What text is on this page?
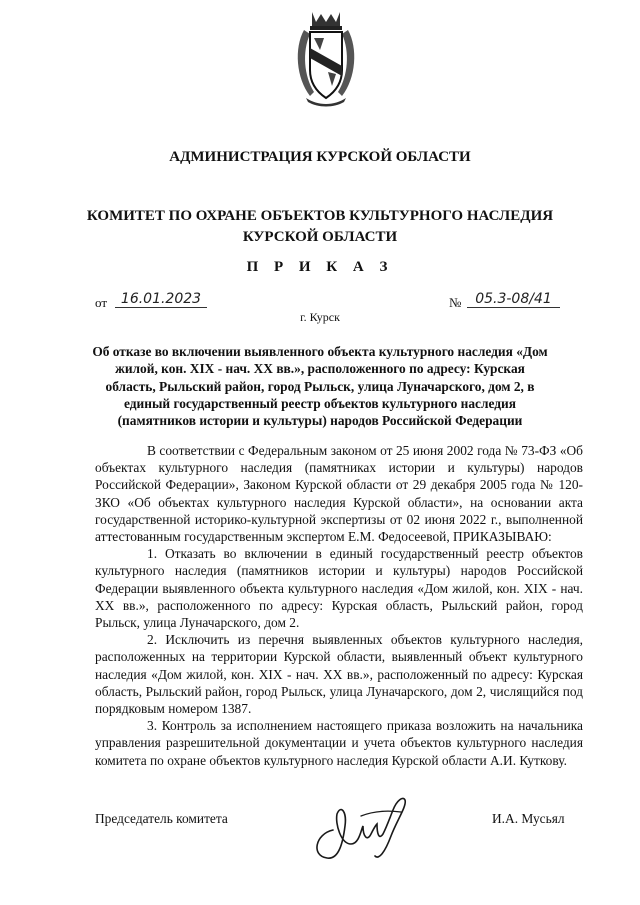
АДМИНИСТРАЦИЯ КУРСКОЙ ОБЛАСТИ
КОМИТЕТ ПО ОХРАНЕ ОБЪЕКТОВ КУЛЬТУРНОГО НАСЛЕДИЯ
КУРСКОЙ ОБЛАСТИ
П Р И К А З
от 16.01.2023	№ 05.3-08/41
г. Курск
Об отказе во включении выявленного объекта культурного наследия «Дом жилой, кон. XIX - нач. XX вв.», расположенного по адресу: Курская область, Рыльский район, город Рыльск, улица Луначарского, дом 2, в единый государственный реестр объектов культурного наследия (памятников истории и культуры) народов Российской Федерации

В соответствии с Федеральным законом от 25 июня 2002 года № 73-ФЗ «Об объектах культурного наследия (памятниках истории и культуры) народов Российской Федерации», Законом Курской области от 29 декабря 2005 года № 120-ЗКО «Об объектах культурного наследия Курской области», на основании акта государственной историко-культурной экспертизы от 02 июня 2022 г., выполненной аттестованным государственным экспертом Е.М. Федосеевой, ПРИКАЗЫВАЮ:

1. Отказать во включении в единый государственный реестр объектов культурного наследия (памятников истории и культуры) народов Российской Федерации выявленного объекта культурного наследия «Дом жилой, кон. XIX - нач. XX вв.», расположенного по адресу: Курская область, Рыльский район, город Рыльск, улица Луначарского, дом 2.

2. Исключить из перечня выявленных объектов культурного наследия, расположенных на территории Курской области, выявленный объект культурного наследия «Дом жилой, кон. XIX - нач. XX вв.», расположенный по адресу: Курская область, Рыльский район, город Рыльск, улица Луначарского, дом 2, числящийся под порядковым номером 1387.

3. Контроль за исполнением настоящего приказа возложить на начальника управления разрешительной документации и учета объектов культурного наследия комитета по охране объектов культурного наследия Курской области А.И. Куткову.

Председатель комитета	И.А. Мусьял
